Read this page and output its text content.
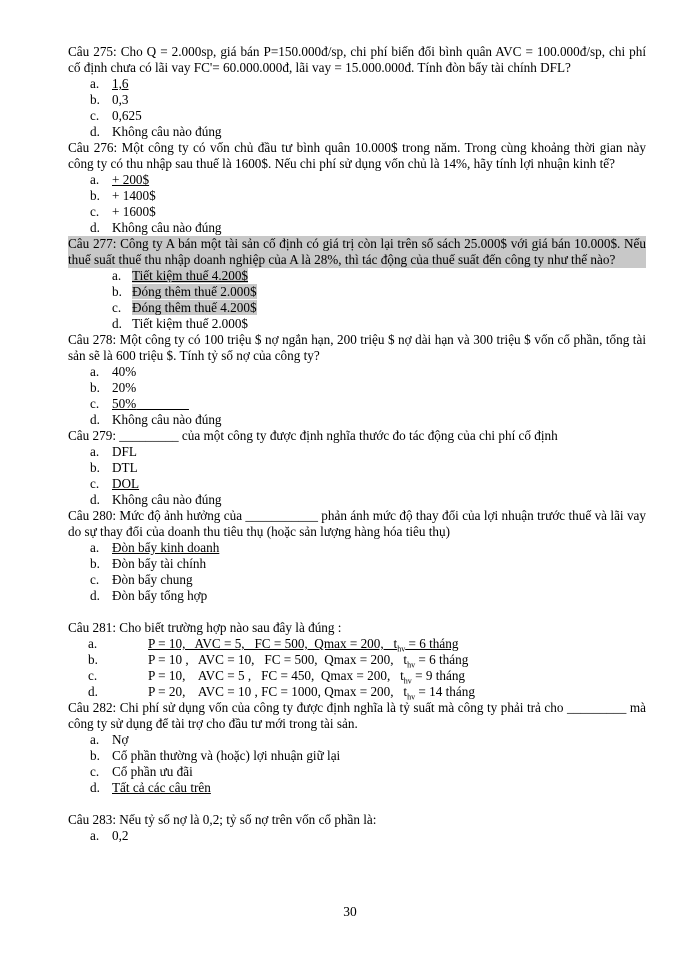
Câu 275: Cho Q = 2.000sp, giá bán P=150.000đ/sp, chi phí biến đổi bình quân AVC = 100.000đ/sp, chi phí cố định chưa có lãi vay FC'= 60.000.000đ, lãi vay = 15.000.000đ. Tính đòn bẩy tài chính DFL?

a. 1,6
b. 0,3
c. 0,625
d. Không câu nào đúng

Câu 276: Một công ty có vốn chủ đầu tư bình quân 10.000$ trong năm. Trong cùng khoảng thời gian này công ty có thu nhập sau thuế là 1600$. Nếu chi phí sử dụng vốn chủ là 14%, hãy tính lợi nhuận kinh tế?

a. + 200$
b. + 1400$
c. + 1600$
d. Không câu nào đúng

Câu 277: Công ty A bán một tài sản cố định có giá trị còn lại trên sổ sách 25.000$ với giá bán 10.000$. Nếu thuế suất thuế thu nhập doanh nghiệp của A là 28%, thì tác động của thuế suất đến công ty như thế nào?

a. Tiết kiệm thuế 4.200$
b. Đóng thêm thuế 2.000$
c. Đóng thêm thuế 4.200$
d. Tiết kiệm thuế 2.000$

Câu 278: Một công ty có 100 triệu $ nợ ngắn hạn, 200 triệu $ nợ dài hạn và 300 triệu $ vốn cổ phần, tổng tài sản sẽ là 600 triệu $. Tính tỷ số nợ của công ty?

a. 40%
b. 20%
c. 50%
d. Không câu nào đúng

Câu 279: _________ của một công ty được định nghĩa thước đo tác động của chi phí cố định

a. DFL
b. DTL
c. DOL
d. Không câu nào đúng

Câu 280: Mức độ ảnh hưởng của ___________ phản ánh mức độ thay đổi của lợi nhuận trước thuế và lãi vay do sự thay đổi của doanh thu tiêu thụ (hoặc sản lượng hàng hóa tiêu thụ)

a. Đòn bẩy kinh doanh
b. Đòn bẩy tài chính
c. Đòn bẩy chung
d. Đòn bẩy tổng hợp

Câu 281: Cho biết trường hợp nào sau đây là đúng :

a.	P = 10,   AVC = 5,   FC = 500,  Qmax = 200,   $t_{hv} = 6$ tháng
b.	P = 10 ,   AVC = 10,   FC = 500,  Qmax = 200,   $t_{hv} = 6$ tháng
c.	P = 10,    AVC = 5 ,   FC = 450,  Qmax = 200,   $t_{hv} = 9$ tháng
d.	P = 20,    AVC = 10 , FC = 1000, Qmax = 200,   $t_{hv} = 14$ tháng

Câu 282: Chi phí sử dụng vốn của công ty được định nghĩa là tỷ suất mà công ty phải trả cho _________ mà công ty sử dụng để tài trợ cho đầu tư mới trong tài sản.

a. Nợ
b. Cổ phần thường và (hoặc) lợi nhuận giữ lại
c. Cổ phần ưu đãi
d. Tất cả các câu trên

Câu 283: Nếu tỷ số nợ là 0,2; tỷ số nợ trên vốn cổ phần là:

a. 0,2
30
